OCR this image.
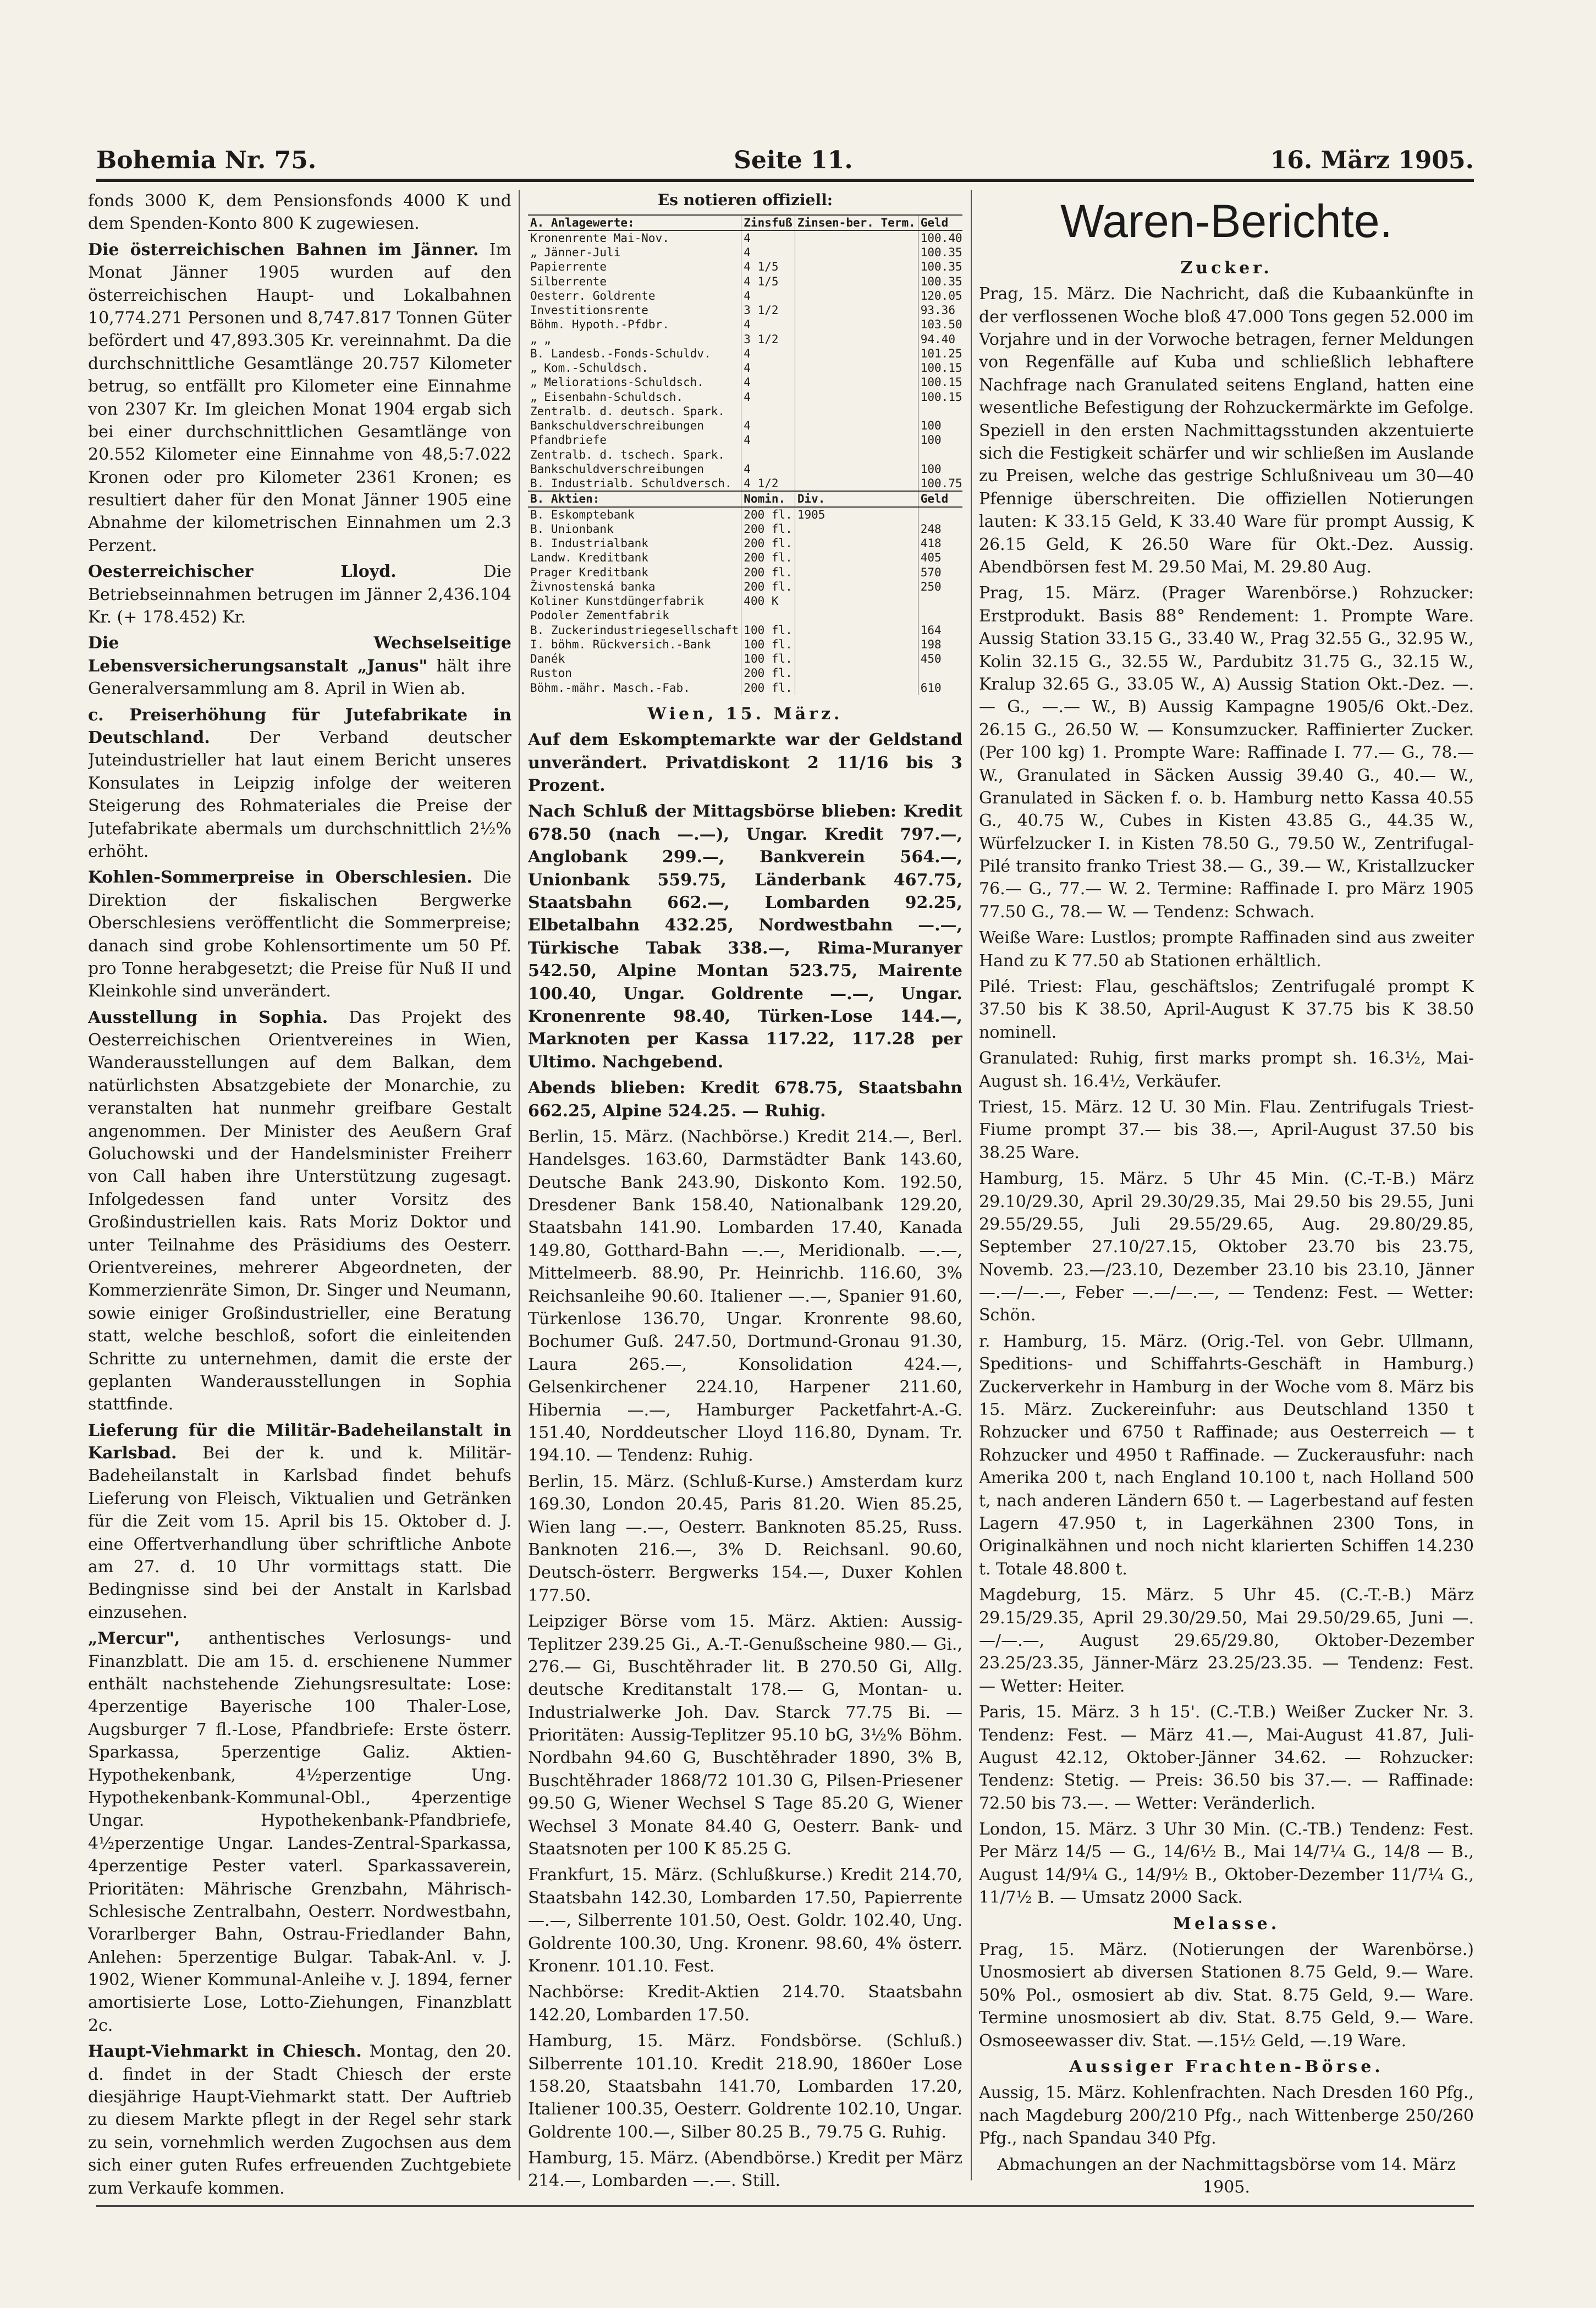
Bohemia Nr. 75.	Seite 11.	16. März 1905.

fonds 3000 K, dem Pensionsfonds 4000 K und dem Spenden-Konto 800 K zugewiesen.

Die österreichischen Bahnen im Jänner. Im Monat Jänner 1905 wurden auf den österreichischen Haupt- und Lokalbahnen 10,774.271 Personen und 8,747.817 Tonnen Güter befördert und 47,893.305 Kr. vereinnahmt. Da die durchschnittliche Gesamtlänge 20.757 Kilometer betrug, so entfällt pro Kilometer eine Einnahme von 2307 Kr. Im gleichen Monat 1904 ergab sich bei einer durchschnittlichen Gesamtlänge von 20.552 Kilometer eine Einnahme von 48,5:7.022 Kronen oder pro Kilometer 2361 Kronen; es resultiert daher für den Monat Jänner 1905 eine Abnahme der kilometrischen Einnahmen um 2.3 Perzent.

Oesterreichischer Lloyd.	Die Betriebseinnahmen betrugen im Jänner 2,436.104 Kr. (+ 178.452) Kr.

Die Wechselseitige Lebensversicherungsanstalt „Janus" hält ihre Generalversammlung am 8. April in Wien ab.

c. Preiserhöhung für Jutefabrikate in Deutschland. Der Verband deutscher Juteindustrieller hat laut einem Bericht unseres Konsulates in Leipzig infolge der weiteren Steigerung des Rohmateriales die Preise der Jutefabrikate abermals um durchschnittlich 2½% erhöht.

Kohlen-Sommerpreise in Oberschlesien. Die Direktion der fiskalischen Bergwerke Oberschlesiens veröffentlicht die Sommerpreise; danach sind grobe Kohlensortimente um 50 Pf. pro Tonne herabgesetzt; die Preise für Nuß II und Kleinkohle sind unverändert.

Ausstellung in Sophia. Das Projekt des Oesterreichischen Orientvereines in Wien, Wanderausstellungen auf dem Balkan, dem natürlichsten Absatzgebiete der Monarchie, zu veranstalten hat nunmehr greifbare Gestalt angenommen. Der Minister des Aeußern Graf Goluchowski und der Handelsminister Freiherr von Call haben ihre Unterstützung zugesagt. Infolgedessen fand unter Vorsitz des Großindustriellen kais. Rats Moriz Doktor und unter Teilnahme des Präsidiums des Oesterr. Orientvereines, mehrerer Abgeordneten, der Kommerzienräte Simon, Dr. Singer und Neumann, sowie einiger Großindustrieller, eine Beratung statt, welche beschloß, sofort die einleitenden Schritte zu unternehmen, damit die erste der geplanten Wanderausstellungen in Sophia stattfinde.

Lieferung für die Militär-Badeheilanstalt in Karlsbad. Bei der k. und k. Militär-Badeheilanstalt in Karlsbad findet behufs Lieferung von Fleisch, Viktualien und Getränken für die Zeit vom 15. April bis 15. Oktober d. J. eine Offertverhandlung über schriftliche Anbote am 27. d. 10 Uhr vormittags statt. Die Bedingnisse sind bei der Anstalt in Karlsbad einzusehen.

„Mercur", anthentisches Verlosungs- und Finanzblatt. Die am 15. d. erschienene Nummer enthält nachstehende Ziehungsresultate: Lose: 4perzentige Bayerische 100 Thaler-Lose, Augsburger 7 fl.-Lose, Pfandbriefe: Erste österr. Sparkassa, 5perzentige Galiz. Aktien-Hypothekenbank, 4½perzentige Ung. Hypothekenbank-Kommunal-Obl., 4perzentige Ungar. Hypothekenbank-Pfandbriefe, 4½perzentige Ungar. Landes-Zentral-Sparkassa, 4perzentige Pester vaterl. Sparkassaverein, Prioritäten: Mährische Grenzbahn, Mährisch-Schlesische Zentralbahn, Oesterr. Nordwestbahn, Vorarlberger Bahn, Ostrau-Friedlander Bahn, Anlehen: 5perzentige Bulgar. Tabak-Anl. v. J. 1902, Wiener Kommunal-Anleihe v. J. 1894, ferner amortisierte Lose, Lotto-Ziehungen, Finanzblatt 2c.

Haupt-Viehmarkt in Chiesch. Montag, den 20. d. findet in der Stadt Chiesch der erste diesjährige Haupt-Viehmarkt statt. Der Auftrieb zu diesem Markte pflegt in der Regel sehr stark zu sein, vornehmlich werden Zugochsen aus dem sich einer guten Rufes erfreuenden Zuchtgebiete zum Verkaufe kommen.

Es notieren offiziell:
A. Anlagewerte:	Zinsfuß	Zinsen-ber. Term.	Geld	
Kronenrente Mai-Nov.	4		100.40	
„ Jänner-Juli	4		100.35	
Papierrente	4 1/5		100.35	
Silberrente	4 1/5		100.35	
Oesterr. Goldrente	4		120.05	
Investitionsrente	3 1/2		93.36	
Böhm. Hypoth.-Pfdbr.	4		103.50	
„ „	3 1/2		94.40	
B. Landesb.-Fonds-Schuldv.	4		101.25	
„ Kom.-Schuldsch.	4		100.15	
„ Meliorations-Schuldsch.	4		100.15	
„ Eisenbahn-Schuldsch.	4		100.15	
Zentralb. d. deutsch. Spark.				
Bankschuldverschreibungen	4		100	
Pfandbriefe	4		100	
Zentralb. d. tschech. Spark.				
Bankschuldverschreibungen	4		100	
B. Industrialb. Schuldversch.	4 1/2		100.75	
B. Aktien:	Nomin.	Div.	Geld	
B. Eskomptebank	200 fl.	1905		
B. Unionbank	200 fl.		248	
B. Industrialbank	200 fl.		418	
Landw. Kreditbank	200 fl.		405	
Prager Kreditbank	200 fl.		570	
Živnostenská banka	200 fl.		250	
Koliner Kunstdüngerfabrik	400 K			
Podoler Zementfabrik				
B. Zuckerindustriegesellschaft	100 fl.		164	
I. böhm. Rückversich.-Bank	100 fl.		198	
Danék	100 fl.		450	
Ruston	200 fl.			
Böhm.-mähr. Masch.-Fab.	200 fl.		610	
Wien, 15. März.

Auf dem Eskomptemarkte war der Geldstand unverändert. Privatdiskont 2 11/16 bis 3 Prozent.

Nach Schluß der Mittagsbörse blieben: Kredit 678.50 (nach —.—), Ungar. Kredit 797.—, Anglobank 299.—, Bankverein 564.—, Unionbank 559.75, Länderbank 467.75, Staatsbahn 662.—, Lombarden 92.25, Elbetalbahn 432.25, Nordwestbahn —.—, Türkische Tabak 338.—, Rima-Muranyer 542.50, Alpine Montan 523.75, Mairente 100.40, Ungar. Goldrente —.—, Ungar. Kronenrente 98.40, Türken-Lose 144.—, Marknoten per Kassa 117.22, 117.28 per Ultimo. Nachgebend.

Abends blieben: Kredit 678.75, Staatsbahn 662.25, Alpine 524.25. — Ruhig.

Berlin, 15. März. (Nachbörse.) Kredit 214.—, Berl. Handelsges. 163.60, Darmstädter Bank 143.60, Deutsche Bank 243.90, Diskonto Kom. 192.50, Dresdener Bank 158.40, Nationalbank 129.20, Staatsbahn 141.90. Lombarden 17.40, Kanada 149.80, Gotthard-Bahn —.—, Meridionalb. —.—, Mittelmeerb. 88.90, Pr. Heinrichb. 116.60, 3% Reichsanleihe 90.60. Italiener —.—, Spanier 91.60, Türkenlose 136.70, Ungar. Kronrente 98.60, Bochumer Guß. 247.50, Dortmund-Gronau 91.30, Laura 265.—, Konsolidation 424.—, Gelsenkirchener 224.10, Harpener 211.60, Hibernia —.—, Hamburger Packetfahrt-A.-G. 151.40, Norddeutscher Lloyd 116.80, Dynam. Tr. 194.10. — Tendenz: Ruhig.

Berlin, 15. März. (Schluß-Kurse.) Amsterdam kurz 169.30, London 20.45, Paris 81.20. Wien 85.25, Wien lang —.—, Oesterr. Banknoten 85.25, Russ. Banknoten 216.—, 3% D. Reichsanl. 90.60, Deutsch-österr. Bergwerks 154.—, Duxer Kohlen 177.50.

Leipziger Börse vom 15. März. Aktien: Aussig-Teplitzer 239.25 Gi., A.-T.-Genußscheine 980.— Gi., 276.— Gi, Buschtěhrader lit. B 270.50 Gi, Allg. deutsche Kreditanstalt 178.— G, Montan- u. Industrialwerke Joh. Dav. Starck 77.75 Bi. — Prioritäten: Aussig-Teplitzer 95.10 bG, 3½% Böhm. Nordbahn 94.60 G, Buschtěhrader 1890, 3% B, Buschtěhrader 1868/72 101.30 G, Pilsen-Priesener 99.50 G, Wiener Wechsel S Tage 85.20 G, Wiener Wechsel 3 Monate 84.40 G, Oesterr. Bank- und Staatsnoten per 100 K 85.25 G.

Frankfurt, 15. März. (Schlußkurse.) Kredit 214.70, Staatsbahn 142.30, Lombarden 17.50, Papierrente —.—, Silberrente 101.50, Oest. Goldr. 102.40, Ung. Goldrente 100.30, Ung. Kronenr. 98.60, 4% österr. Kronenr. 101.10. Fest.

Nachbörse: Kredit-Aktien 214.70. Staatsbahn 142.20, Lombarden 17.50.

Hamburg, 15. März. Fondsbörse. (Schluß.) Silberrente 101.10. Kredit 218.90, 1860er Lose 158.20, Staatsbahn 141.70, Lombarden 17.20, Italiener 100.35, Oesterr. Goldrente 102.10, Ungar. Goldrente 100.—, Silber 80.25 B., 79.75 G. Ruhig.

Hamburg, 15. März. (Abendbörse.) Kredit per März 214.—, Lombarden —.—. Still.

Waren-Berichte.
Zucker.

Prag, 15. März. Die Nachricht, daß die Kubaankünfte in der verflossenen Woche bloß 47.000 Tons gegen 52.000 im Vorjahre und in der Vorwoche betragen, ferner Meldungen von Regenfälle auf Kuba und schließlich lebhaftere Nachfrage nach Granulated seitens England, hatten eine wesentliche Befestigung der Rohzuckermärkte im Gefolge. Speziell in den ersten Nachmittagsstunden akzentuierte sich die Festigkeit schärfer und wir schließen im Auslande zu Preisen, welche das gestrige Schlußniveau um 30—40 Pfennige überschreiten. Die offiziellen Notierungen lauten: K 33.15 Geld, K 33.40 Ware für prompt Aussig, K 26.15 Geld, K 26.50 Ware für Okt.-Dez. Aussig. Abendbörsen fest M. 29.50 Mai, M. 29.80 Aug.

Prag, 15. März. (Prager Warenbörse.) Rohzucker: Erstprodukt. Basis 88° Rendement: 1. Prompte Ware. Aussig Station 33.15 G., 33.40 W., Prag 32.55 G., 32.95 W., Kolin 32.15 G., 32.55 W., Pardubitz 31.75 G., 32.15 W., Kralup 32.65 G., 33.05 W., A) Aussig Station Okt.-Dez. —.— G., —.— W., B) Aussig Kampagne 1905/6 Okt.-Dez. 26.15 G., 26.50 W. — Konsumzucker. Raffinierter Zucker. (Per 100 kg) 1. Prompte Ware: Raffinade I. 77.— G., 78.— W., Granulated in Säcken Aussig 39.40 G., 40.— W., Granulated in Säcken f. o. b. Hamburg netto Kassa 40.55 G., 40.75 W., Cubes in Kisten 43.85 G., 44.35 W., Würfelzucker I. in Kisten 78.50 G., 79.50 W., Zentrifugal-Pilé transito franko Triest 38.— G., 39.— W., Kristallzucker 76.— G., 77.— W. 2. Termine: Raffinade I. pro März 1905 77.50 G., 78.— W. — Tendenz: Schwach.

Weiße Ware: Lustlos; prompte Raffinaden sind aus zweiter Hand zu K 77.50 ab Stationen erhältlich.

Pilé. Triest: Flau, geschäftslos; Zentrifugalé prompt K 37.50 bis K 38.50, April-August K 37.75 bis K 38.50 nominell.

Granulated: Ruhig, first marks prompt sh. 16.3½, Mai-August sh. 16.4½, Verkäufer.

Triest, 15. März. 12 U. 30 Min. Flau. Zentrifugals Triest-Fiume prompt 37.— bis 38.—, April-August 37.50 bis 38.25 Ware.

Hamburg, 15. März. 5 Uhr 45 Min. (C.-T.-B.) März 29.10/29.30, April 29.30/29.35, Mai 29.50 bis 29.55, Juni 29.55/29.55, Juli 29.55/29.65, Aug. 29.80/29.85, September 27.10/27.15, Oktober 23.70 bis 23.75, Novemb. 23.—/23.10, Dezember 23.10 bis 23.10, Jänner —.—/—.—, Feber —.—/—.—, — Tendenz: Fest. — Wetter: Schön.

r. Hamburg, 15. März. (Orig.-Tel. von Gebr. Ullmann, Speditions- und Schiffahrts-Geschäft in Hamburg.) Zuckerverkehr in Hamburg in der Woche vom 8. März bis 15. März. Zuckereinfuhr: aus Deutschland 1350 t Rohzucker und 6750 t Raffinade; aus Oesterreich — t Rohzucker und 4950 t Raffinade. — Zuckerausfuhr: nach Amerika 200 t, nach England 10.100 t, nach Holland 500 t, nach anderen Ländern 650 t. — Lagerbestand auf festen Lagern 47.950 t, in Lagerkähnen 2300 Tons, in Originalkähnen und noch nicht klarierten Schiffen 14.230 t. Totale 48.800 t.

Magdeburg, 15. März. 5 Uhr 45. (C.-T.-B.) März 29.15/29.35, April 29.30/29.50, Mai 29.50/29.65, Juni —.—/—.—, August 29.65/29.80, Oktober-Dezember 23.25/23.35, Jänner-März 23.25/23.35. — Tendenz: Fest. — Wetter: Heiter.

Paris, 15. März. 3 h 15'. (C.-T.B.) Weißer Zucker Nr. 3. Tendenz: Fest. — März 41.—, Mai-August 41.87, Juli-August 42.12, Oktober-Jänner 34.62. — Rohzucker: Tendenz: Stetig. — Preis: 36.50 bis 37.—. — Raffinade: 72.50 bis 73.—. — Wetter: Veränderlich.

London, 15. März. 3 Uhr 30 Min. (C.-TB.) Tendenz: Fest. Per März 14/5 — G., 14/6½ B., Mai 14/7¼ G., 14/8 — B., August 14/9¼ G., 14/9½ B., Oktober-Dezember 11/7¼ G., 11/7½ B. — Umsatz 2000 Sack.

Melasse.

Prag, 15. März. (Notierungen der Warenbörse.) Unosmosiert ab diversen Stationen 8.75 Geld, 9.— Ware. 50% Pol., osmosiert ab div. Stat. 8.75 Geld, 9.— Ware. Termine unosmosiert ab div. Stat. 8.75 Geld, 9.— Ware. Osmoseewasser div. Stat. —.15½ Geld, —.19 Ware.

Aussiger Frachten-Börse.

Aussig, 15. März. Kohlenfrachten. Nach Dresden 160 Pfg., nach Magdeburg 200/210 Pfg., nach Wittenberge 250/260 Pfg., nach Spandau 340 Pfg.

Abmachungen an der Nachmittagsbörse vom 14. März 1905.
